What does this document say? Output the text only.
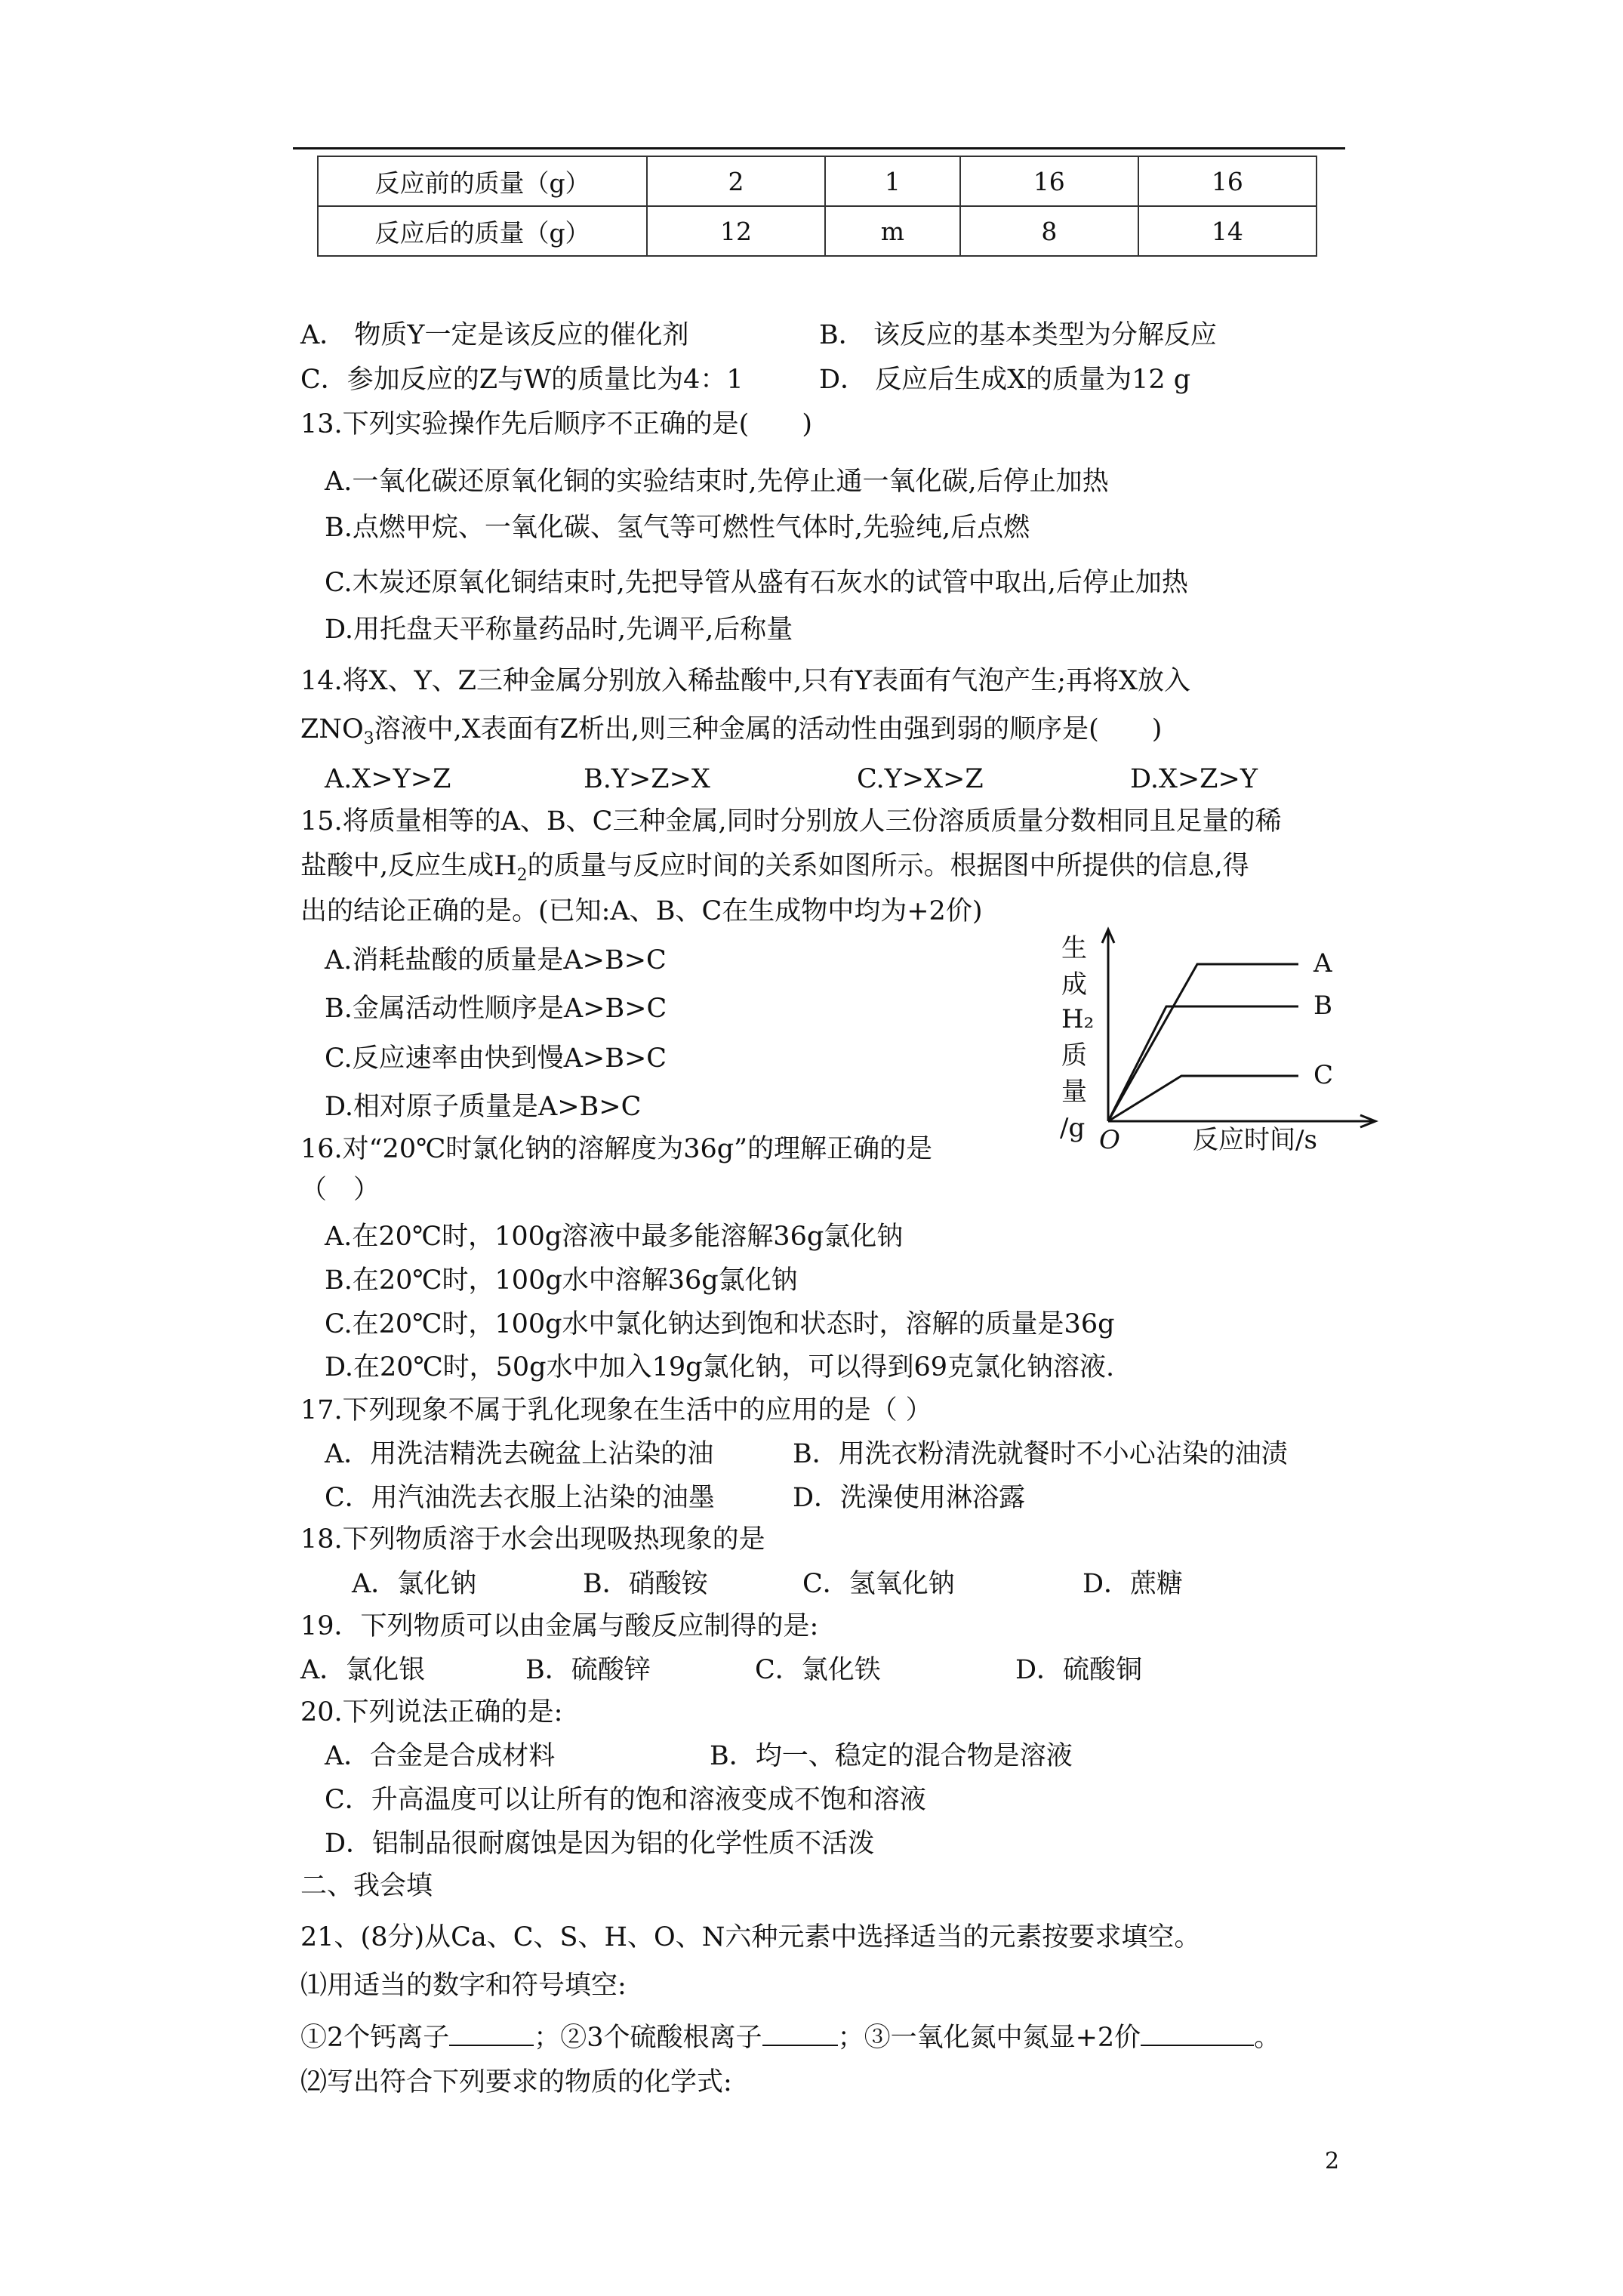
反应前的质量（g）	2	1	16	16
反应后的质量（g）	12	m	8	14
A． 物质Y一定是该反应的催化剂	B． 该反应的基本类型为分解反应
C．参加反应的Z与W的质量比为4：1	D． 反应后生成X的质量为12 g
13.下列实验操作先后顺序不正确的是(　　)
A.一氧化碳还原氧化铜的实验结束时,先停止通一氧化碳,后停止加热
B.点燃甲烷、一氧化碳、氢气等可燃性气体时,先验纯,后点燃
C.木炭还原氧化铜结束时,先把导管从盛有石灰水的试管中取出,后停止加热
D.用托盘天平称量药品时,先调平,后称量
14.将X、Y、Z三种金属分别放入稀盐酸中,只有Y表面有气泡产生;再将X放入
$ZNO_3$溶液中,X表面有Z析出,则三种金属的活动性由强到弱的顺序是(　　)
A.X>Y>Z	B.Y>Z>X	C.Y>X>Z	D.X>Z>Y
15.将质量相等的A、B、C三种金属,同时分别放人三份溶质质量分数相同且足量的稀
盐酸中,反应生成$H_2$的质量与反应时间的关系如图所示。根据图中所提供的信息,得
出的结论正确的是。(已知:A、B、C在生成物中均为+2价)
A.消耗盐酸的质量是A>B>C
B.金属活动性顺序是A>B>C
C.反应速率由快到慢A>B>C
D.相对原子质量是A>B>C
生
成
H₂
质
量
/g O	反应时间/s
A
B
C
16.对“20℃时氯化钠的溶解度为36g”的理解正确的是
（　）
A.在20℃时，100g溶液中最多能溶解36g氯化钠
B.在20℃时，100g水中溶解36g氯化钠
C.在20℃时，100g水中氯化钠达到饱和状态时，溶解的质量是36g
D.在20℃时，50g水中加入19g氯化钠，可以得到69克氯化钠溶液.
17.下列现象不属于乳化现象在生活中的应用的是（ ）
A．用洗洁精洗去碗盆上沾染的油	B．用洗衣粉清洗就餐时不小心沾染的油渍
C．用汽油洗去衣服上沾染的油墨	D．洗澡使用淋浴露
18.下列物质溶于水会出现吸热现象的是
A．氯化钠	B．硝酸铵	C．氢氧化钠	D．蔗糖
19．下列物质可以由金属与酸反应制得的是:
A．氯化银	B．硫酸锌	C．氯化铁	D．硫酸铜
20.下列说法正确的是:
A．合金是合成材料	B．均一、稳定的混合物是溶液
C．升高温度可以让所有的饱和溶液变成不饱和溶液
D．铝制品很耐腐蚀是因为铝的化学性质不活泼
二、我会填
21、(8分)从Ca、C、S、H、O、N六种元素中选择适当的元素按要求填空。
⑴用适当的数字和符号填空:
①2个钙离子	；②3个硫酸根离子	；③一氧化氮中氮显+2价	。
⑵写出符合下列要求的物质的化学式:
2
